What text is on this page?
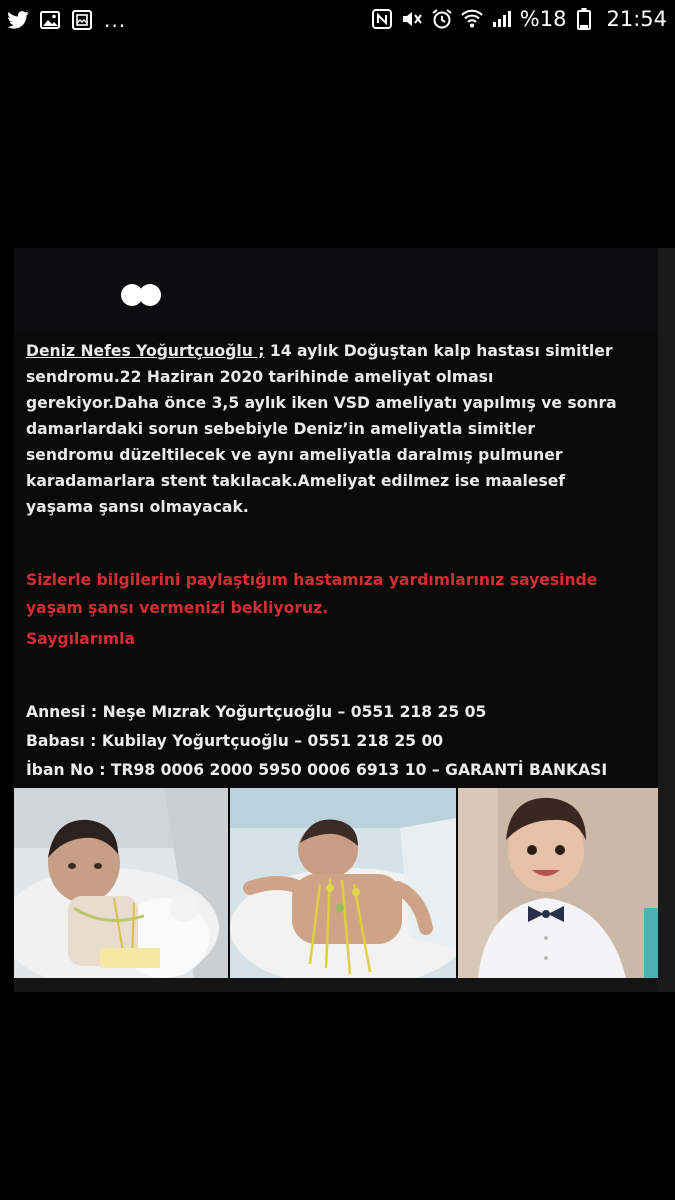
...	%18 21:54
Deniz Nefes Yoğurtçuoğlu ; 14 aylık Doğuştan kalp hastası simitler
sendromu.22 Haziran 2020 tarihinde ameliyat olması
gerekiyor.Daha önce 3,5 aylık iken VSD ameliyatı yapılmış ve sonra
damarlardaki sorun sebebiyle Deniz’in ameliyatla simitler
sendromu düzeltilecek ve aynı ameliyatla daralmış pulmuner
karadamarlara stent takılacak.Ameliyat edilmez ise maalesef
yaşama şansı olmayacak.
Sizlerle bilgilerini paylaştığım hastamıza yardımlarınız sayesinde
yaşam şansı vermenizi bekliyoruz.
Saygılarımla
Annesi : Neşe Mızrak Yoğurtçuoğlu – 0551 218 25 05
Babası : Kubilay Yoğurtçuoğlu – 0551 218 25 00
İban No : TR98 0006 2000 5950 0006 6913 10 – GARANTİ BANKASI
